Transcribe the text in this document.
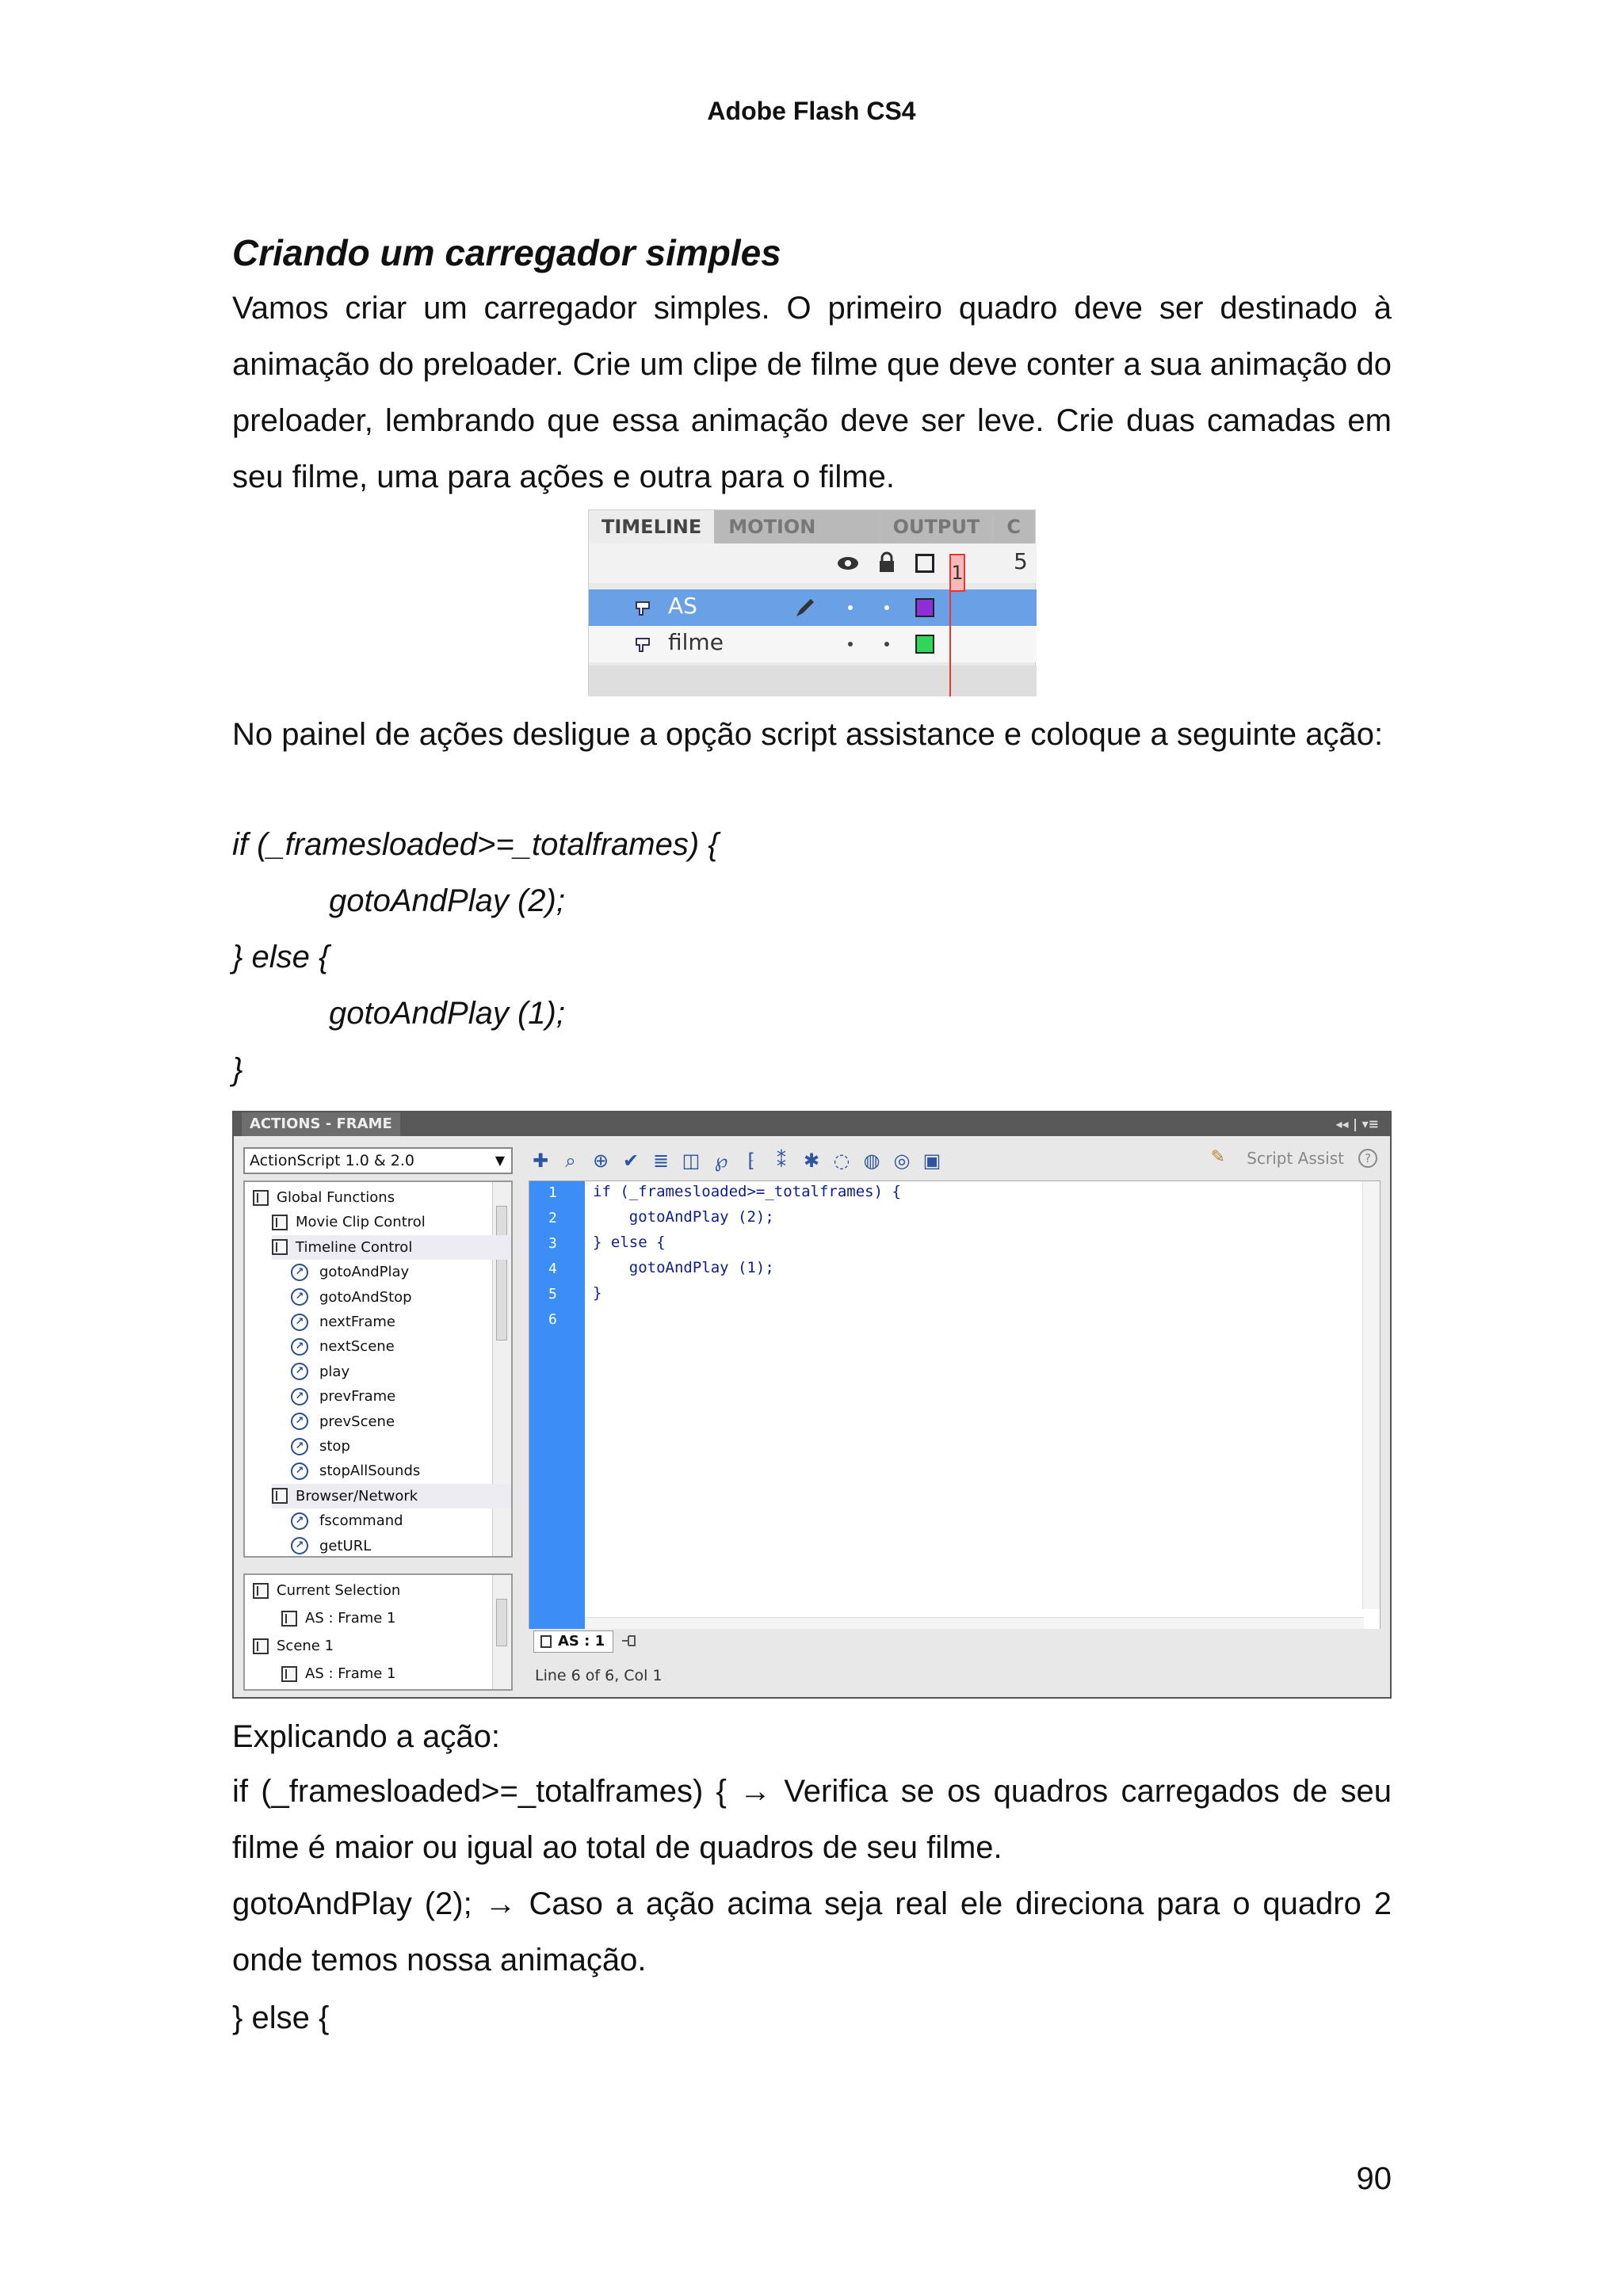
Adobe Flash CS4
Criando um carregador simples
Vamos criar um carregador simples. O primeiro quadro deve ser destinado à animação do preloader. Crie um clipe de filme que deve conter a sua animação do preloader, lembrando que essa animação deve ser leve. Crie duas camadas em seu filme, uma para ações e outra para o filme.
TIMELINE	MOTION	OUTPUT	C
5
AS
filme
1
No painel de ações desligue a opção script assistance e coloque a seguinte ação:
if (_framesloaded>=_totalframes) {
gotoAndPlay (2);
} else {
gotoAndPlay (1);
}
ACTIONS - FRAME	◂◂ | ▾≡
ActionScript 1.0 & 2.0	▼
Global Functions
Movie Clip Control
Timeline Control
↗	gotoAndPlay
↗	gotoAndStop
↗	nextFrame
↗	nextScene
↗	play
↗	prevFrame
↗	prevScene
↗	stop
↗	stopAllSounds
Browser/Network
↗	fscommand
↗	getURL
Current Selection
AS : Frame 1
Scene 1
AS : Frame 1
✚ ⌕ ⊕ ✔ ≣ ◫ ℘	⁅	⁑ ✱ ◌ ◍ ◎ ▣	✎ Script Assist	?
1 if (_framesloaded>=_totalframes) {
2 gotoAndPlay (2);
3 } else {
4 gotoAndPlay (1);
5 }
6
AS : 1
Line 6 of 6, Col 1
Explicando a ação:
if (_framesloaded>=_totalframes) { → Verifica se os quadros carregados de seu filme é maior ou igual ao total de quadros de seu filme.
gotoAndPlay (2); → Caso a ação acima seja real ele direciona para o quadro 2 onde temos nossa animação.
} else {
90
